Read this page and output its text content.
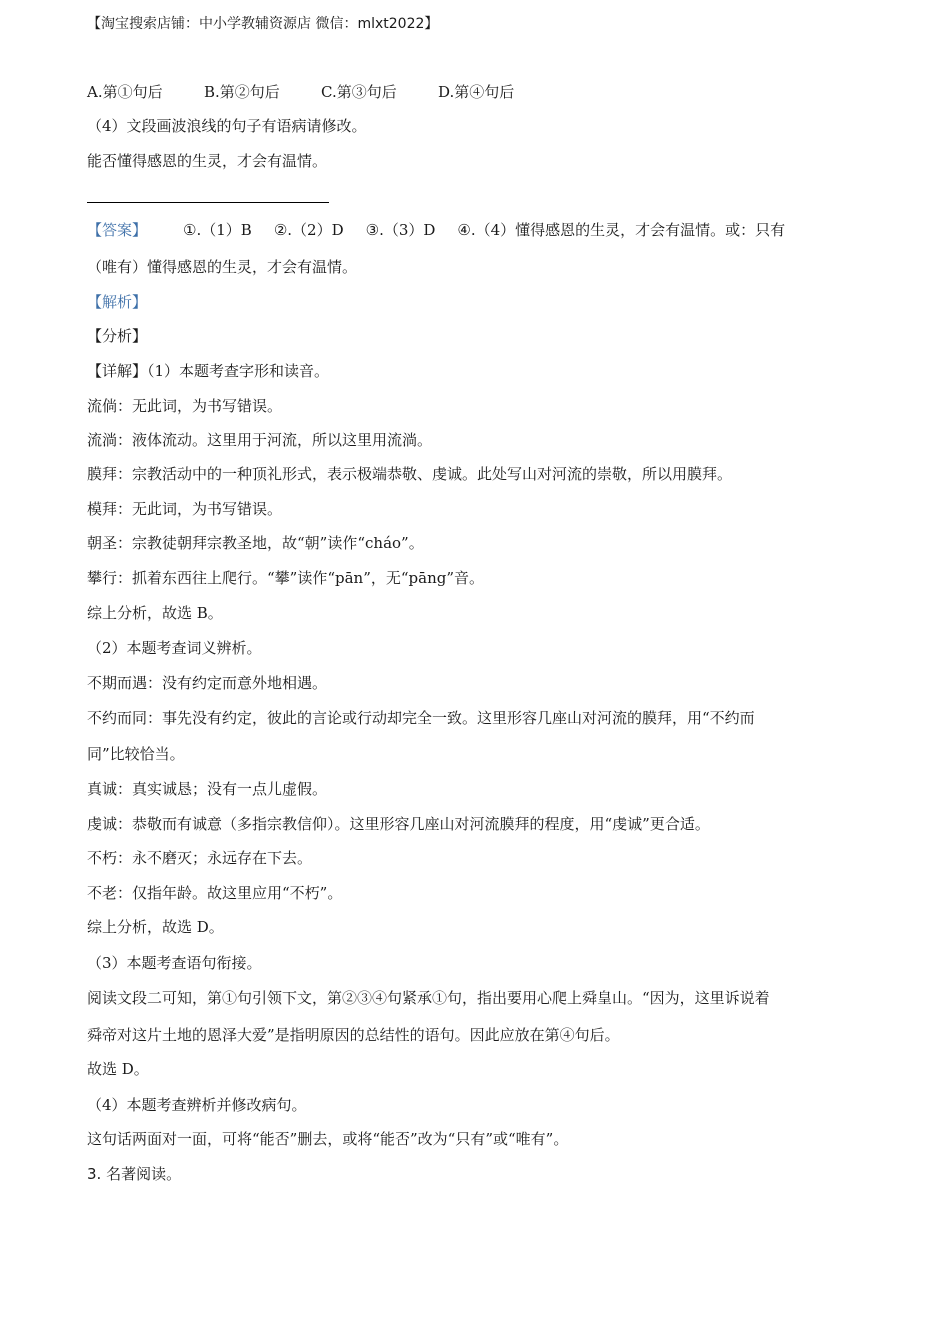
【淘宝搜索店铺：中小学教辅资源店 微信：mlxt2022】
A.第①句后	B.第②句后	C.第③句后	D.第④句后
（4）文段画波浪线的句子有语病请修改。
能否懂得感恩的生灵，才会有温情。
【答案】 ①.（1）B ②.（2）D ③.（3）D ④.（4）懂得感恩的生灵，才会有温情。或：只有
（唯有）懂得感恩的生灵，才会有温情。
【解析】
【分析】
【详解】（1）本题考查字形和读音。
流倘：无此词，为书写错误。
流淌：液体流动。这里用于河流，所以这里用流淌。
膜拜：宗教活动中的一种顶礼形式，表示极端恭敬、虔诚。此处写山对河流的崇敬，所以用膜拜。
模拜：无此词，为书写错误。
朝圣：宗教徒朝拜宗教圣地，故“朝”读作“cháo”。
攀行：抓着东西往上爬行。“攀”读作“pān”，无“pāng”音。
综上分析，故选 B。
（2）本题考查词义辨析。
不期而遇：没有约定而意外地相遇。
不约而同：事先没有约定，彼此的言论或行动却完全一致。这里形容几座山对河流的膜拜，用“不约而
同”比较恰当。
真诚：真实诚恳；没有一点儿虚假。
虔诚：恭敬而有诚意（多指宗教信仰）。这里形容几座山对河流膜拜的程度，用“虔诚”更合适。
不朽：永不磨灭；永远存在下去。
不老：仅指年龄。故这里应用“不朽”。
综上分析，故选 D。
（3）本题考查语句衔接。
阅读文段二可知，第①句引领下文，第②③④句紧承①句，指出要用心爬上舜皇山。“因为，这里诉说着
舜帝对这片土地的恩泽大爱”是指明原因的总结性的语句。因此应放在第④句后。
故选 D。
（4）本题考查辨析并修改病句。
这句话两面对一面，可将“能否”删去，或将“能否”改为“只有”或“唯有”。
3. 名著阅读。
